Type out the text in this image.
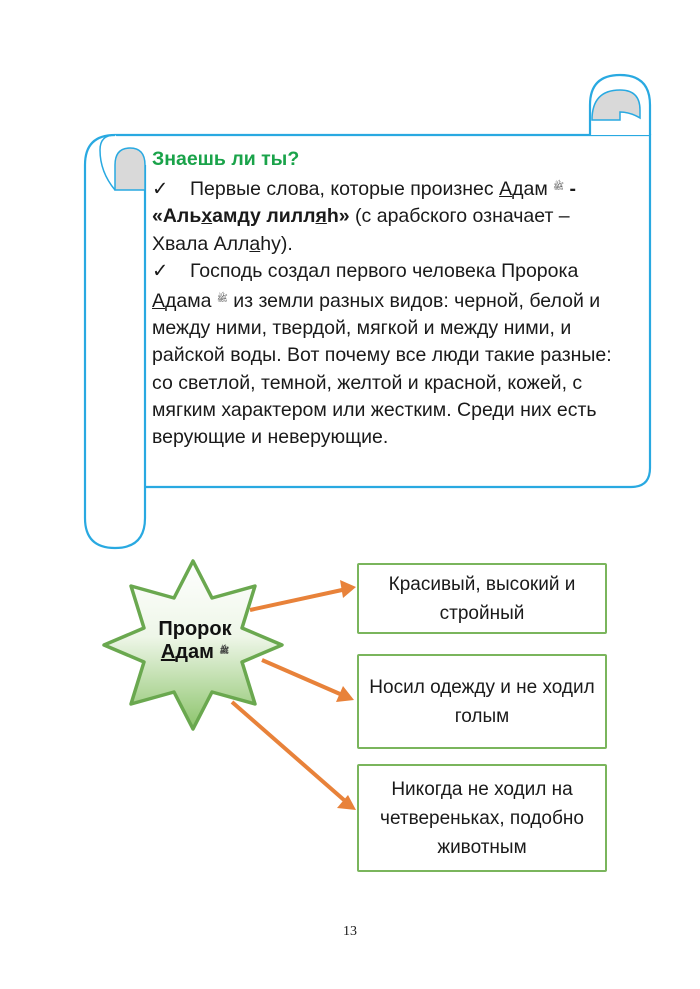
Знаешь ли ты?
✓ Первые слова, которые произнес Адам $^ﷺ$ - «Альхамду лилляh» (с арабского означает – Хвала Аллаhу).
✓ Господь создал первого человека Пророка Адама $^ﷺ$ из земли разных видов: черной, белой и между ними, твердой, мягкой и между ними, и райской воды. Вот почему все люди такие разные: со светлой, темной, желтой и красной, кожей, с мягким характером или жестким. Среди них есть верующие и неверующие.
Пророк
Адам $^ﷺ$
Красивый, высокий и стройный
Носил одежду и не ходил голым
Никогда не ходил на четвереньках, подобно животным
13
